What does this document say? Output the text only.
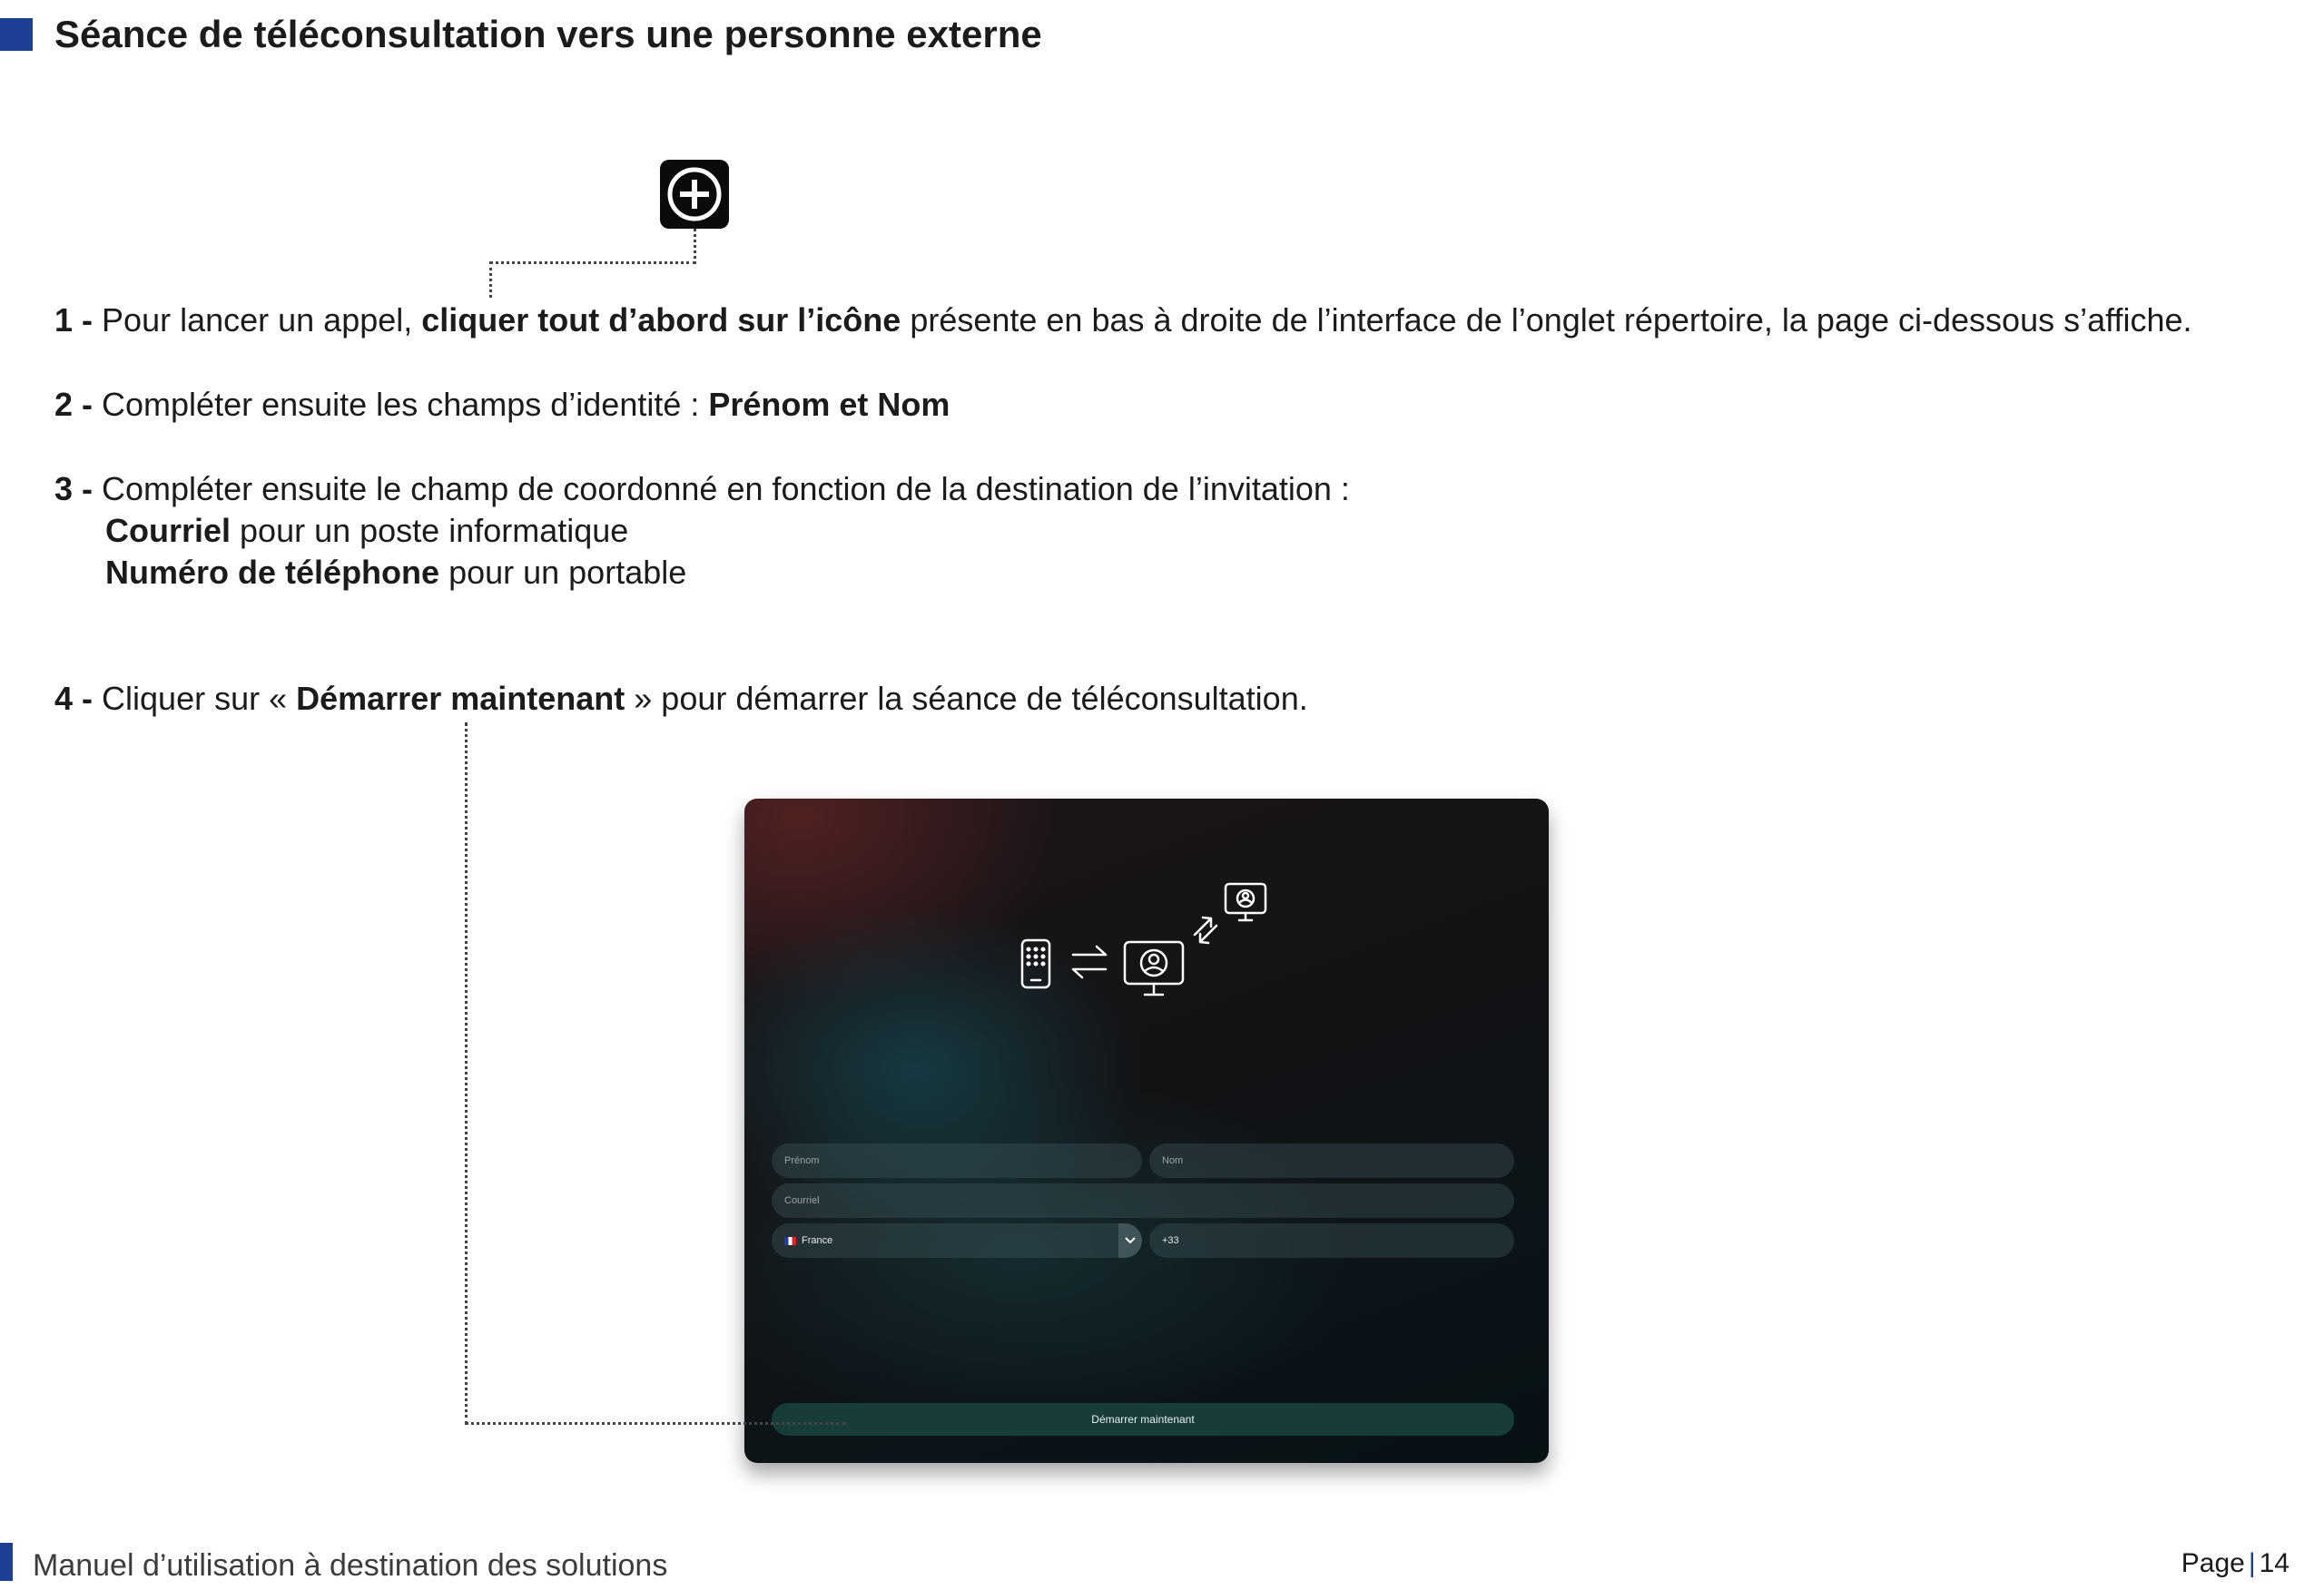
Séance de téléconsultation vers une personne externe

1 - Pour lancer un appel, cliquer tout d’abord sur l’icône présente en bas à droite de l’interface de l’onglet répertoire, la page ci-dessous s’affiche.

2 - Compléter ensuite les champs d’identité : Prénom et Nom

3 - Compléter ensuite le champ de coordonné en fonction de la destination de l’invitation :

Courriel pour un poste informatique

Numéro de téléphone pour un portable

4 - Cliquer sur « Démarrer maintenant » pour démarrer la séance de téléconsultation.

Prénom	Nom
Courriel
France	+33
Démarrer maintenant
Manuel d’utilisation à destination des solutions	Page | 14
